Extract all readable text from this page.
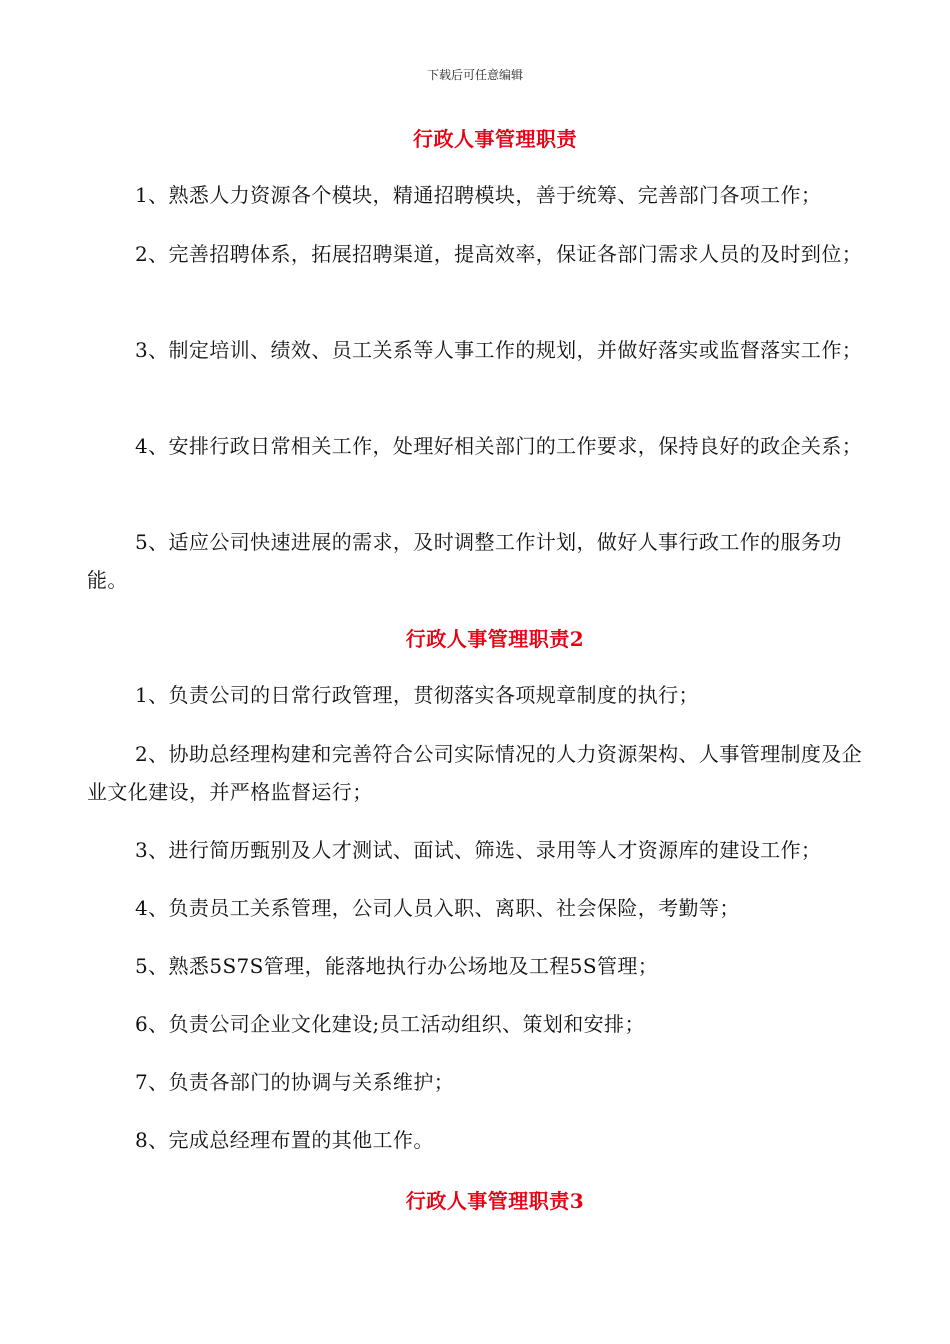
下载后可任意编辑
行政人事管理职责

1、熟悉人力资源各个模块，精通招聘模块，善于统筹、完善部门各项工作；

2、完善招聘体系，拓展招聘渠道，提高效率，保证各部门需求人员的及时到位；

3、制定培训、绩效、员工关系等人事工作的规划，并做好落实或监督落实工作；

4、安排行政日常相关工作，处理好相关部门的工作要求，保持良好的政企关系；

5、适应公司快速进展的需求，及时调整工作计划，做好人事行政工作的服务功能。

行政人事管理职责2

1、负责公司的日常行政管理，贯彻落实各项规章制度的执行；

2、协助总经理构建和完善符合公司实际情况的人力资源架构、人事管理制度及企业文化建设，并严格监督运行；

3、进行简历甄别及人才测试、面试、筛选、录用等人才资源库的建设工作；

4、负责员工关系管理，公司人员入职、离职、社会保险，考勤等；

5、熟悉5S7S管理，能落地执行办公场地及工程5S管理；

6、负责公司企业文化建设;员工活动组织、策划和安排；

7、负责各部门的协调与关系维护；

8、完成总经理布置的其他工作。

行政人事管理职责3
